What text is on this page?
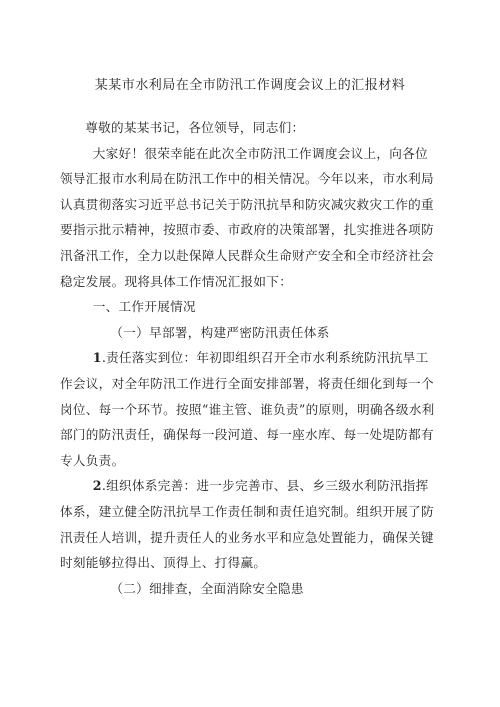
某某市水利局在全市防汛工作调度会议上的汇报材料

尊敬的某某书记，各位领导，同志们：

大家好！很荣幸能在此次全市防汛工作调度会议上，向各位领导汇报市水利局在防汛工作中的相关情况。今年以来，市水利局认真贯彻落实习近平总书记关于防汛抗旱和防灾减灾救灾工作的重要指示批示精神，按照市委、市政府的决策部署，扎实推进各项防汛备汛工作，全力以赴保障人民群众生命财产安全和全市经济社会稳定发展。现将具体工作情况汇报如下：

一、工作开展情况

（一）早部署，构建严密防汛责任体系

1.责任落实到位：年初即组织召开全市水利系统防汛抗旱工作会议，对全年防汛工作进行全面安排部署，将责任细化到每一个岗位、每一个环节。按照“谁主管、谁负责”的原则，明确各级水利部门的防汛责任，确保每一段河道、每一座水库、每一处堤防都有专人负责。

2.组织体系完善：进一步完善市、县、乡三级水利防汛指挥体系，建立健全防汛抗旱工作责任制和责任追究制。组织开展了防汛责任人培训，提升责任人的业务水平和应急处置能力，确保关键时刻能够拉得出、顶得上、打得赢。

（二）细排查，全面消除安全隐患
